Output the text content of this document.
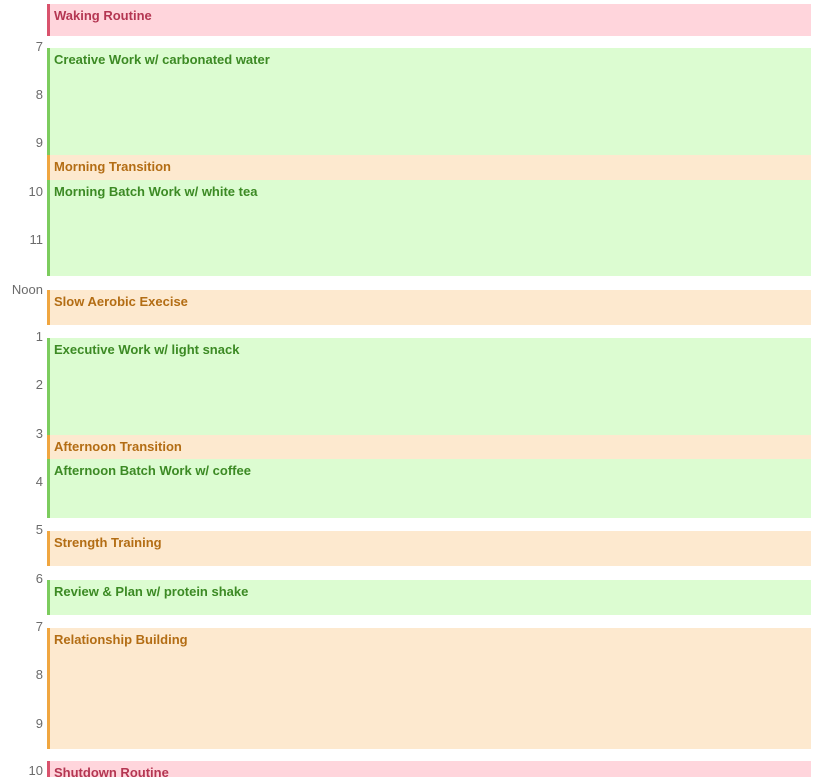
Waking Routine
Creative Work w/ carbonated water
Morning Transition
Morning Batch Work w/ white tea
Slow Aerobic Execise
Executive Work w/ light snack
Afternoon Transition
Afternoon Batch Work w/ coffee
Strength Training
Review & Plan w/ protein shake
Relationship Building
Shutdown Routine
7
8
9
10
11
Noon
1
2
3
4
5
6
7
8
9
10
